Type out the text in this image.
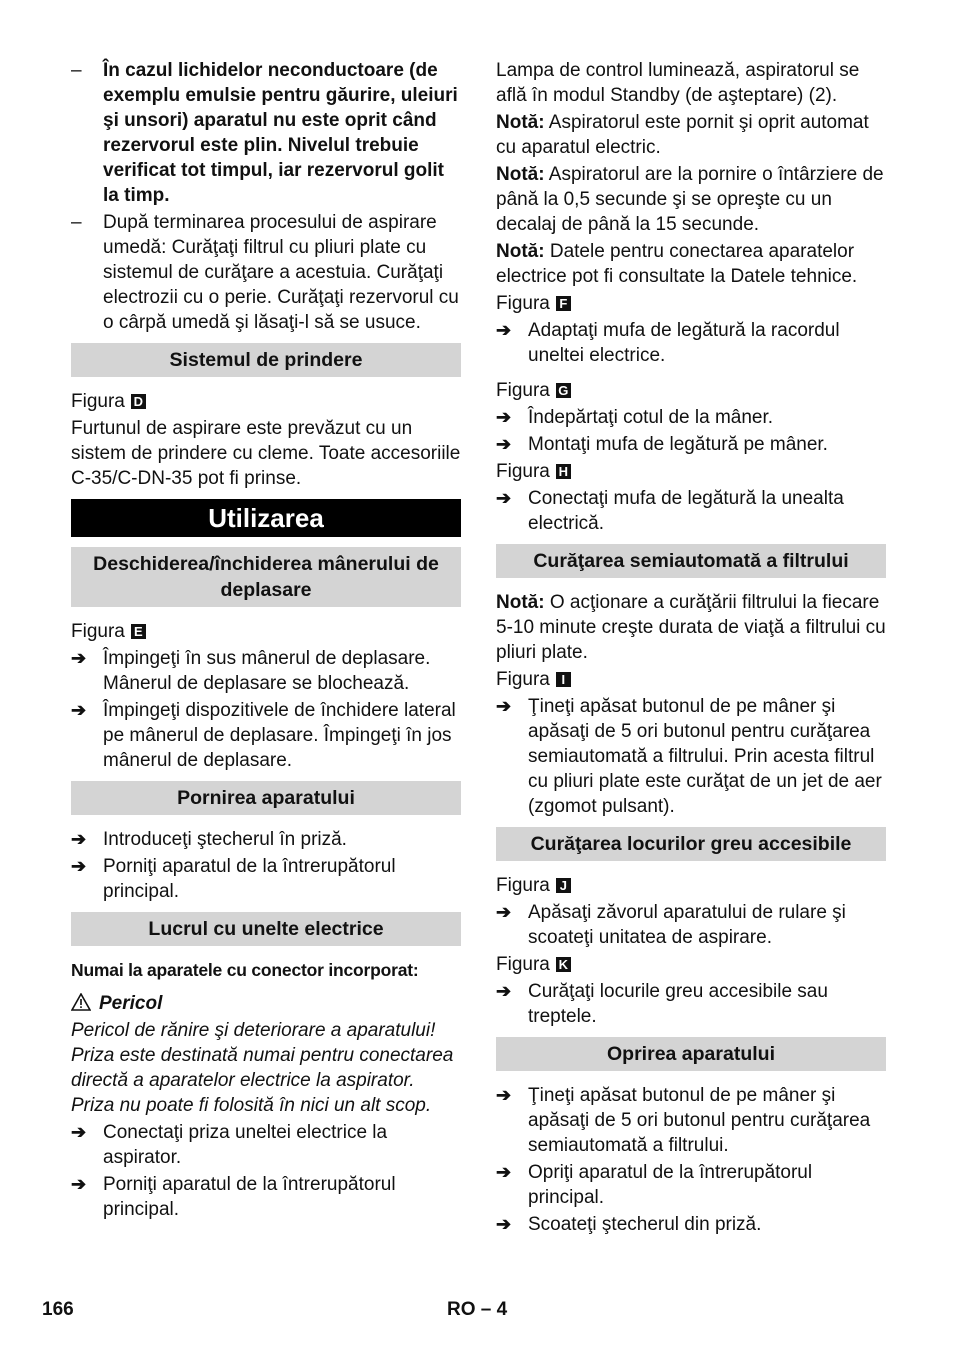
–	În cazul lichidelor neconductoare (de exemplu emulsie pentru găurire, uleiuri şi unsori) aparatul nu este oprit când rezervorul este plin. Nivelul trebuie verificat tot timpul, iar rezervorul golit la timp.

–	După terminarea procesului de aspirare umedă: Curăţaţi filtrul cu pliuri plate cu sistemul de curăţare a acestuia. Curăţaţi electrozii cu o perie. Curăţaţi rezervorul cu o cârpă umedă şi lăsaţi-l să se usuce.

Sistemul de prindere

Figura D

Furtunul de aspirare este prevăzut cu un sistem de prindere cu cleme. Toate accesoriile C-35/C-DN-35 pot fi prinse.

Utilizarea
Deschiderea/închiderea mânerului de deplasare

Figura E

➔ Împingeţi în sus mânerul de deplasare. Mânerul de deplasare se blochează.

➔ Împingeţi dispozitivele de închidere lateral pe mânerul de deplasare. Împingeţi în jos mânerul de deplasare.

Pornirea aparatului
➔ Introduceţi ştecherul în priză.

➔ Porniţi aparatul de la întrerupătorul principal.

Lucrul cu unelte electrice

Numai la aparatele cu conector incorporat:

Pericol

Pericol de rănire şi deteriorare a aparatului! Priza este destinată numai pentru conectarea directă a aparatelor electrice la aspirator. Priza nu poate fi folosită în nici un alt scop.

➔ Conectaţi priza uneltei electrice la aspirator.

➔ Porniţi aparatul de la întrerupătorul principal.

Lampa de control luminează, aspiratorul se află în modul Standby (de aşteptare) (2).

Notă: Aspiratorul este pornit şi oprit automat cu aparatul electric.

Notă: Aspiratorul are la pornire o întârziere de până la 0,5 secunde şi se opreşte cu un decalaj de până la 15 secunde.

Notă: Datele pentru conectarea aparatelor electrice pot fi consultate la Datele tehnice.

Figura F

➔ Adaptaţi mufa de legătură la racordul uneltei electrice.

Figura G

➔ Îndepărtaţi cotul de la mâner.

➔ Montaţi mufa de legătură pe mâner.

Figura H

➔ Conectaţi mufa de legătură la unealta electrică.

Curăţarea semiautomată a filtrului

Notă: O acţionare a curăţării filtrului la fiecare 5-10 minute creşte durata de viaţă a filtrului cu pliuri plate.

Figura I

➔ Ţineţi apăsat butonul de pe mâner şi apăsaţi de 5 ori butonul pentru curăţarea semiautomată a filtrului. Prin acesta filtrul cu pliuri plate este curăţat de un jet de aer (zgomot pulsant).

Curăţarea locurilor greu accesibile

Figura J

➔ Apăsaţi zăvorul aparatului de rulare şi scoateţi unitatea de aspirare.

Figura K

➔ Curăţaţi locurile greu accesibile sau treptele.

Oprirea aparatului
➔ Ţineţi apăsat butonul de pe mâner şi apăsaţi de 5 ori butonul pentru curăţarea semiautomată a filtrului.

➔ Opriţi aparatul de la întrerupătorul principal.

➔ Scoateţi ştecherul din priză.

166	RO – 4
